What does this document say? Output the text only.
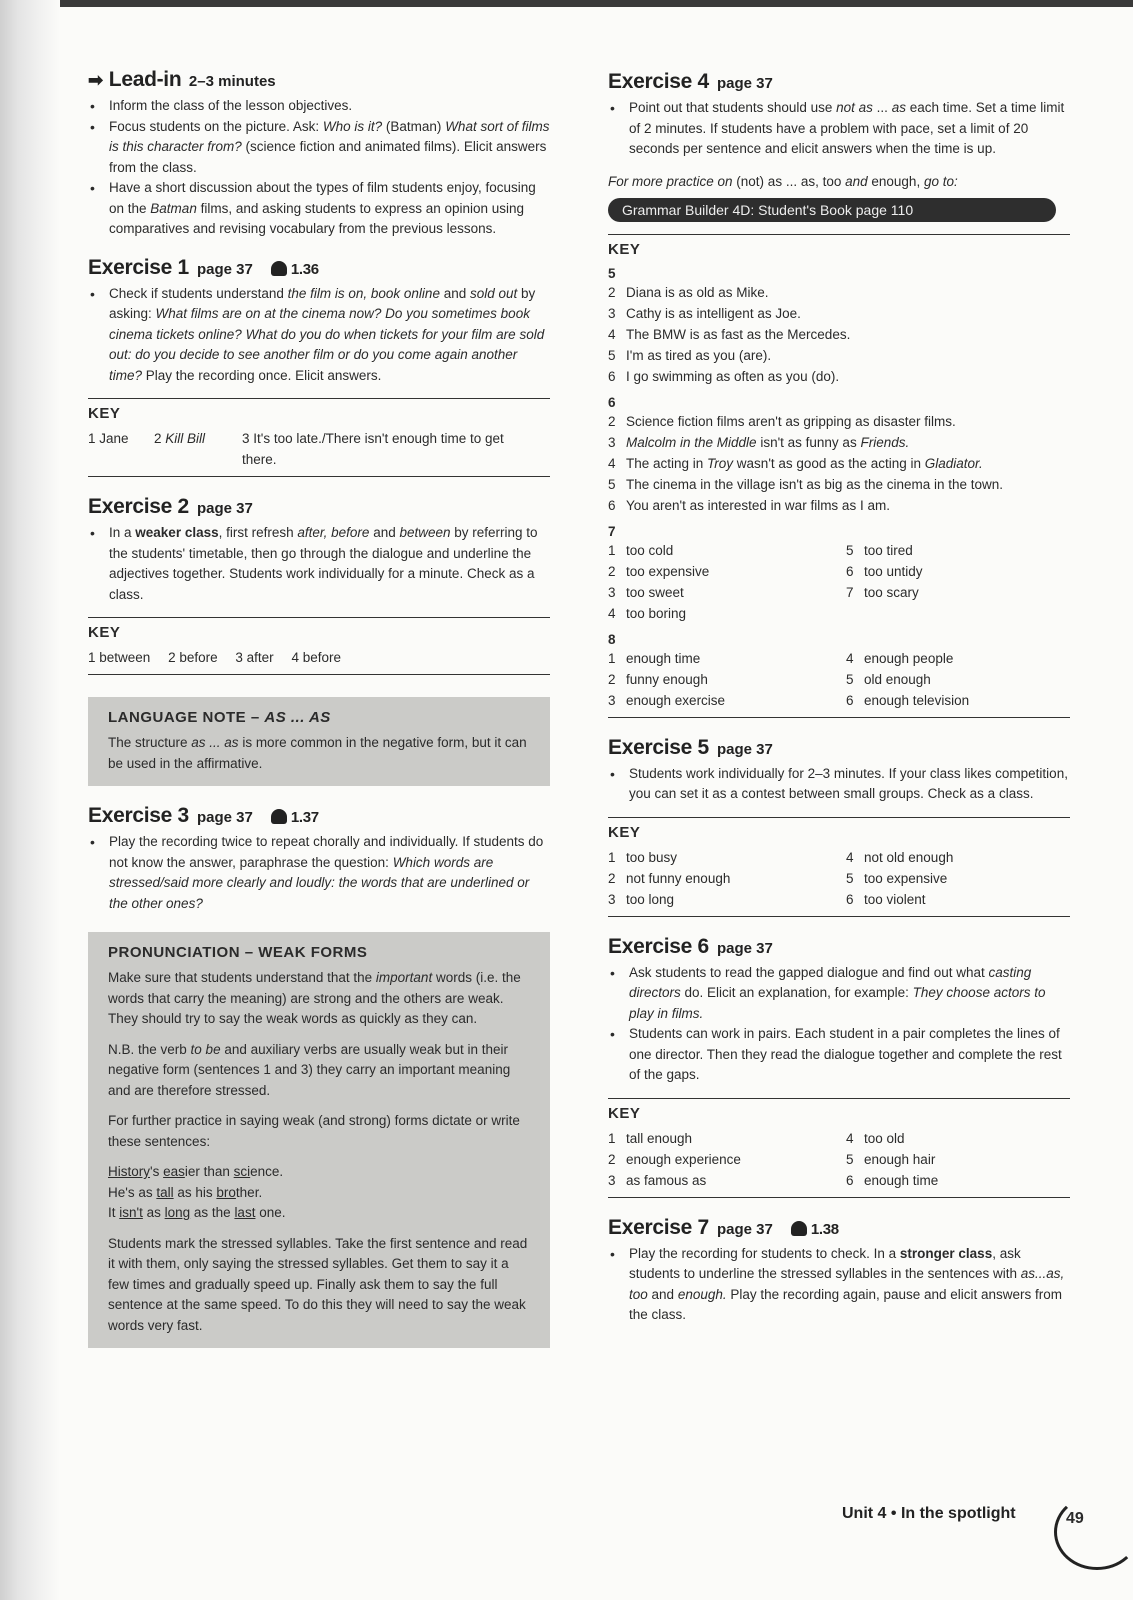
➡ Lead-in 2–3 minutes
• Inform the class of the lesson objectives.
• Focus students on the picture. Ask: Who is it? (Batman) What sort of films is this character from? (science fiction and animated films). Elicit answers from the class.
• Have a short discussion about the types of film students enjoy, focusing on the Batman films, and asking students to express an opinion using comparatives and revising vocabulary from the previous lessons.
Exercise 1 page 37	1.36
• Check if students understand the film is on, book online and sold out by asking: What films are on at the cinema now? Do you sometimes book cinema tickets online? What do you do when tickets for your film are sold out: do you decide to see another film or do you come again another time? Play the recording once. Elicit answers.
KEY
1 Jane	2 Kill Bill	3 It's too late./There isn't enough time to get there.
Exercise 2 page 37
• In a weaker class, first refresh after, before and between by referring to the students' timetable, then go through the dialogue and underline the adjectives together. Students work individually for a minute. Check as a class.
KEY
1 between 2 before 3 after 4 before
LANGUAGE NOTE – AS ... AS

The structure as ... as is more common in the negative form, but it can be used in the affirmative.

Exercise 3 page 37	1.37
• Play the recording twice to repeat chorally and individually. If students do not know the answer, paraphrase the question: Which words are stressed/said more clearly and loudly: the words that are underlined or the other ones?
PRONUNCIATION – WEAK FORMS

Make sure that students understand that the important words (i.e. the words that carry the meaning) are strong and the others are weak. They should try to say the weak words as quickly as they can.

N.B. the verb to be and auxiliary verbs are usually weak but in their negative form (sentences 1 and 3) they carry an important meaning and are therefore stressed.

For further practice in saying weak (and strong) forms dictate or write these sentences:

History's easier than science.
He's as tall as his brother.
It isn't as long as the last one.

Students mark the stressed syllables. Take the first sentence and read it with them, only saying the stressed syllables. Get them to say it a few times and gradually speed up. Finally ask them to say the full sentence at the same speed. To do this they will need to say the weak words very fast.

Exercise 4 page 37
• Point out that students should use not as ... as each time. Set a time limit of 2 minutes. If students have a problem with pace, set a limit of 20 seconds per sentence and elicit answers when the time is up.
For more practice on (not) as ... as, too and enough, go to:
Grammar Builder 4D: Student's Book page 110
KEY
5
2 Diana is as old as Mike.
3 Cathy is as intelligent as Joe.
4 The BMW is as fast as the Mercedes.
5 I'm as tired as you (are).
6 I go swimming as often as you (do).
6
2 Science fiction films aren't as gripping as disaster films.
3 Malcolm in the Middle isn't as funny as Friends.
4 The acting in Troy wasn't as good as the acting in Gladiator.
5 The cinema in the village isn't as big as the cinema in the town.
6 You aren't as interested in war films as I am.
7
1 too cold
2 too expensive
3 too sweet
4 too boring
5 too tired
6 too untidy
7 too scary
8
1 enough time
2 funny enough
3 enough exercise
4 enough people
5 old enough
6 enough television
Exercise 5 page 37
• Students work individually for 2–3 minutes. If your class likes competition, you can set it as a contest between small groups. Check as a class.
KEY
1 too busy
2 not funny enough
3 too long
4 not old enough
5 too expensive
6 too violent
Exercise 6 page 37
• Ask students to read the gapped dialogue and find out what casting directors do. Elicit an explanation, for example: They choose actors to play in films.
• Students can work in pairs. Each student in a pair completes the lines of one director. Then they read the dialogue together and complete the rest of the gaps.
KEY
1 tall enough
2 enough experience
3 as famous as
4 too old
5 enough hair
6 enough time
Exercise 7 page 37	1.38
• Play the recording for students to check. In a stronger class, ask students to underline the stressed syllables in the sentences with as...as, too and enough. Play the recording again, pause and elicit answers from the class.
Unit 4 • In the spotlight	49
